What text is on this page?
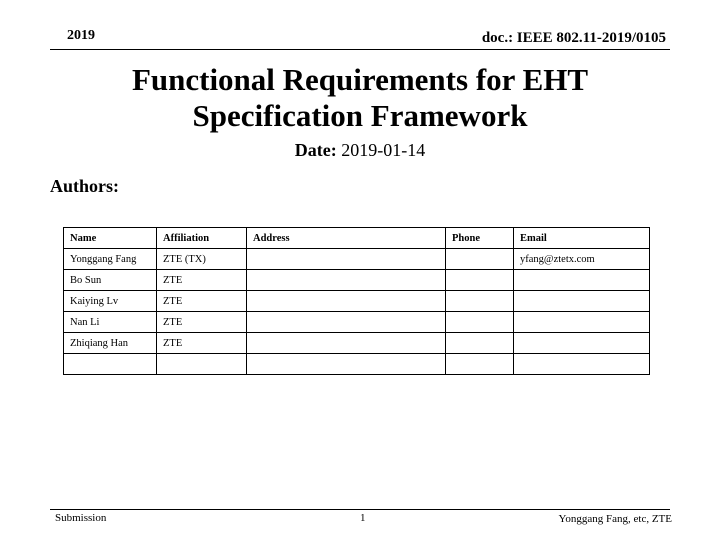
2019	doc.: IEEE 802.11-2019/0105
Functional Requirements for EHT
Specification Framework
Date: 2019-01-14
Authors:
Name	Affiliation	Address	Phone	Email
Yonggang Fang	ZTE (TX)			yfang@ztetx.com
Bo Sun	ZTE			
Kaiying Lv	ZTE			
Nan Li	ZTE			
Zhiqiang Han	ZTE			

Submission	1	Yonggang Fang, etc, ZTE
